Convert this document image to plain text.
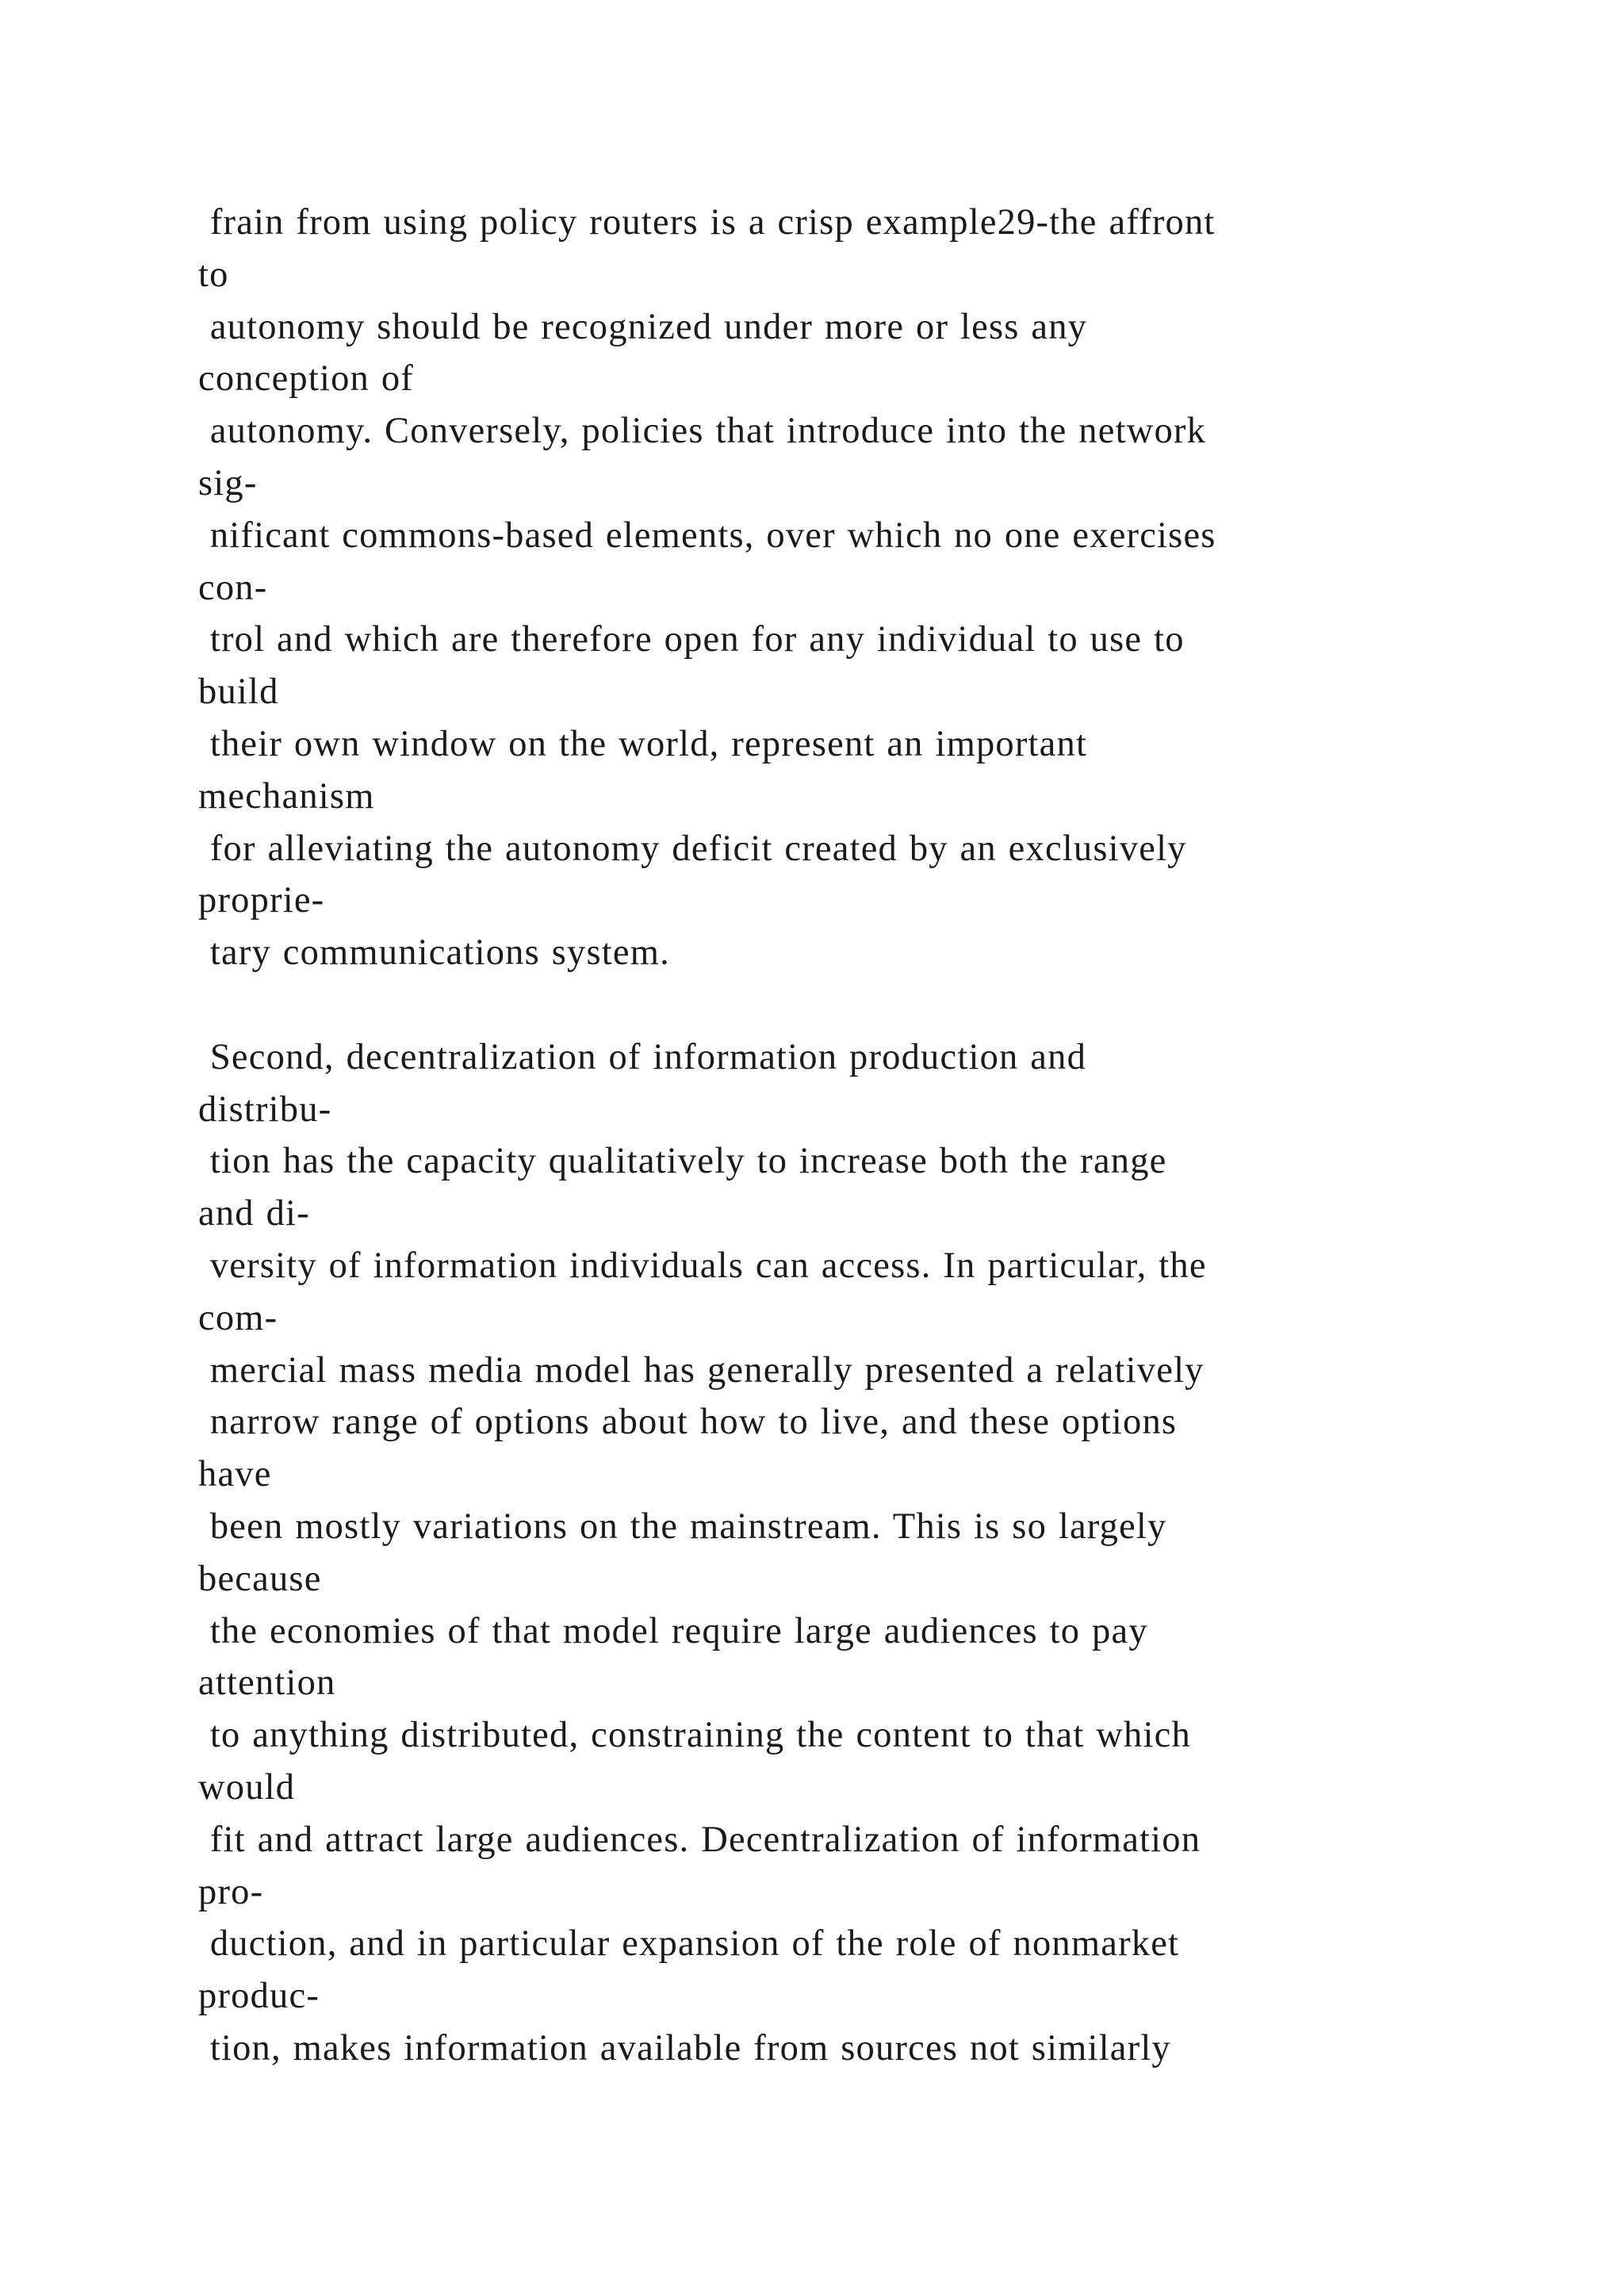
frain from using policy routers is a crisp example29-the affront
to
autonomy should be recognized under more or less any
conception of
autonomy. Conversely, policies that introduce into the network
sig-
nificant commons-based elements, over which no one exercises
con-
trol and which are therefore open for any individual to use to
build
their own window on the world, represent an important
mechanism
for alleviating the autonomy deficit created by an exclusively
proprie-
tary communications system.
Second, decentralization of information production and
distribu-
tion has the capacity qualitatively to increase both the range
and di-
versity of information individuals can access. In particular, the
com-
mercial mass media model has generally presented a relatively
narrow range of options about how to live, and these options
have
been mostly variations on the mainstream. This is so largely
because
the economies of that model require large audiences to pay
attention
to anything distributed, constraining the content to that which
would
fit and attract large audiences. Decentralization of information
pro-
duction, and in particular expansion of the role of nonmarket
produc-
tion, makes information available from sources not similarly
